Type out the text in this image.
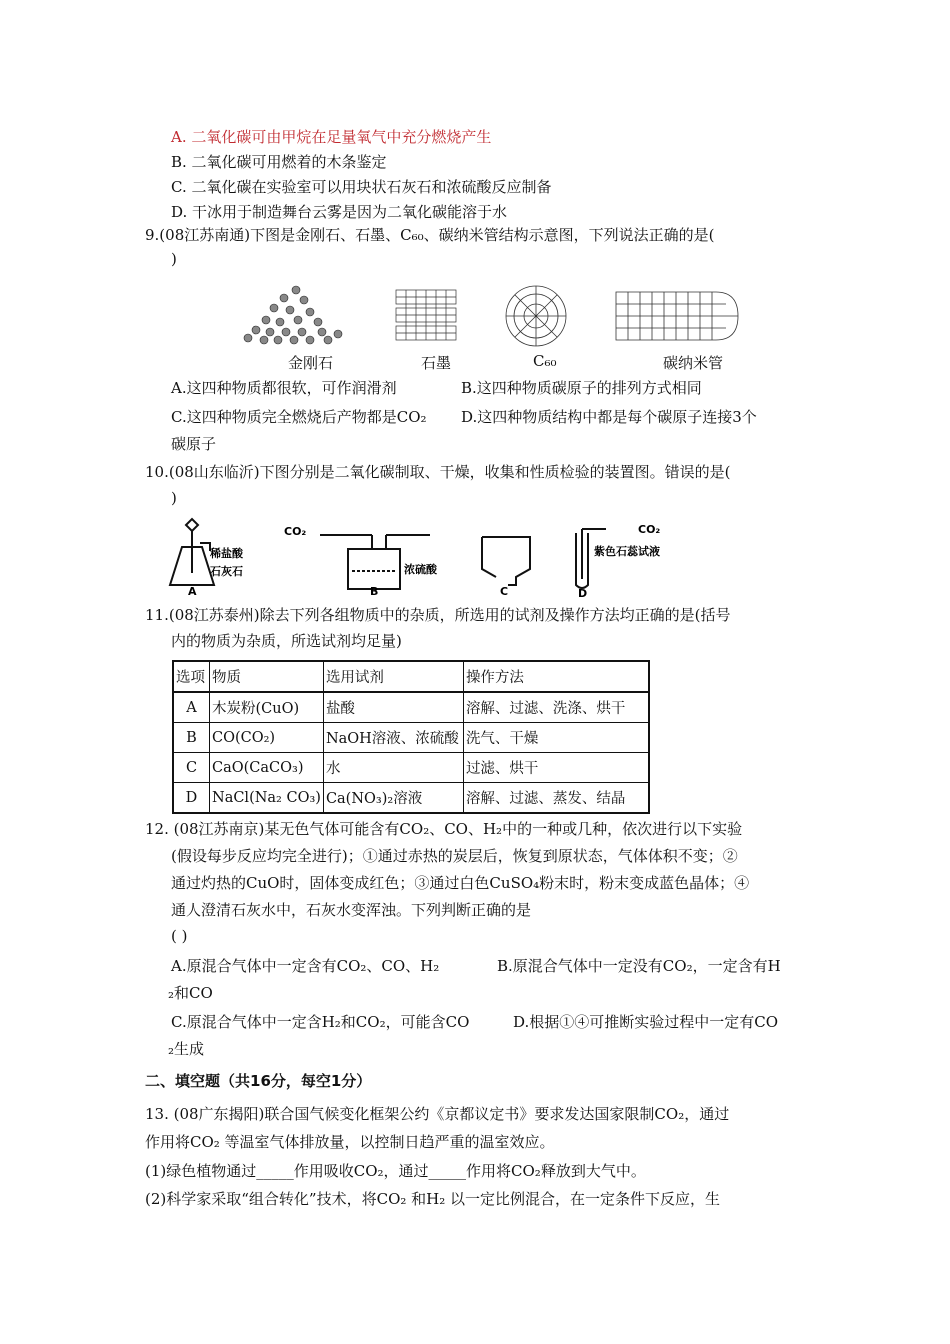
A. 二氧化碳可由甲烷在足量氧气中充分燃烧产生
B. 二氧化碳可用燃着的木条鉴定
C. 二氧化碳在实验室可以用块状石灰石和浓硫酸反应制备
D. 干冰用于制造舞台云雾是因为二氧化碳能溶于水
9.(08江苏南通)下图是金刚石、石墨、C₆₀、碳纳米管结构示意图，下列说法正确的是(
)
金刚石	石墨	C₆₀	碳纳米管
A.这四种物质都很软，可作润滑剂	B.这四种物质碳原子的排列方式相同
C.这四种物质完全燃烧后产物都是CO₂ D.这四种物质结构中都是每个碳原子连接3个
碳原子
10.(08山东临沂)下图分别是二氧化碳制取、干燥，收集和性质检验的装置图。错误的是(
)
稀盐酸
石灰石
A
CO₂
浓硫酸
B	C
CO₂
紫色石蕊试液
D
11.(08江苏泰州)除去下列各组物质中的杂质，所选用的试剂及操作方法均正确的是(括号
内的物质为杂质，所选试剂均足量)
选项	物质	选用试剂	操作方法
A	木炭粉(CuO)	盐酸	溶解、过滤、洗涤、烘干
B	CO(CO₂)	NaOH溶液、浓硫酸	洗气、干燥
C	CaO(CaCO₃)	水	过滤、烘干
D	NaCl(Na₂ CO₃)	Ca(NO₃)₂溶液	溶解、过滤、蒸发、结晶
12. (08江苏南京)某无色气体可能含有CO₂、CO、H₂中的一种或几种，依次进行以下实验
(假设每步反应均完全进行)；①通过赤热的炭层后，恢复到原状态，气体体积不变；②
通过灼热的CuO时，固体变成红色；③通过白色CuSO₄粉末时，粉末变成蓝色晶体；④
通人澄清石灰水中，石灰水变浑浊。下列判断正确的是
( )
A.原混合气体中一定含有CO₂、CO、H₂	B.原混合气体中一定没有CO₂，一定含有H
₂和CO
C.原混合气体中一定含H₂和CO₂，可能含CO	D.根据①④可推断实验过程中一定有CO
₂生成
二、填空题（共16分，每空1分）
13. (08广东揭阳)联合国气候变化框架公约《京都议定书》要求发达国家限制CO₂，通过
作用将CO₂ 等温室气体排放量，以控制日趋严重的温室效应。
(1)绿色植物通过_____作用吸收CO₂，通过_____作用将CO₂释放到大气中。
(2)科学家采取“组合转化”技术，将CO₂ 和H₂ 以一定比例混合，在一定条件下反应，生
